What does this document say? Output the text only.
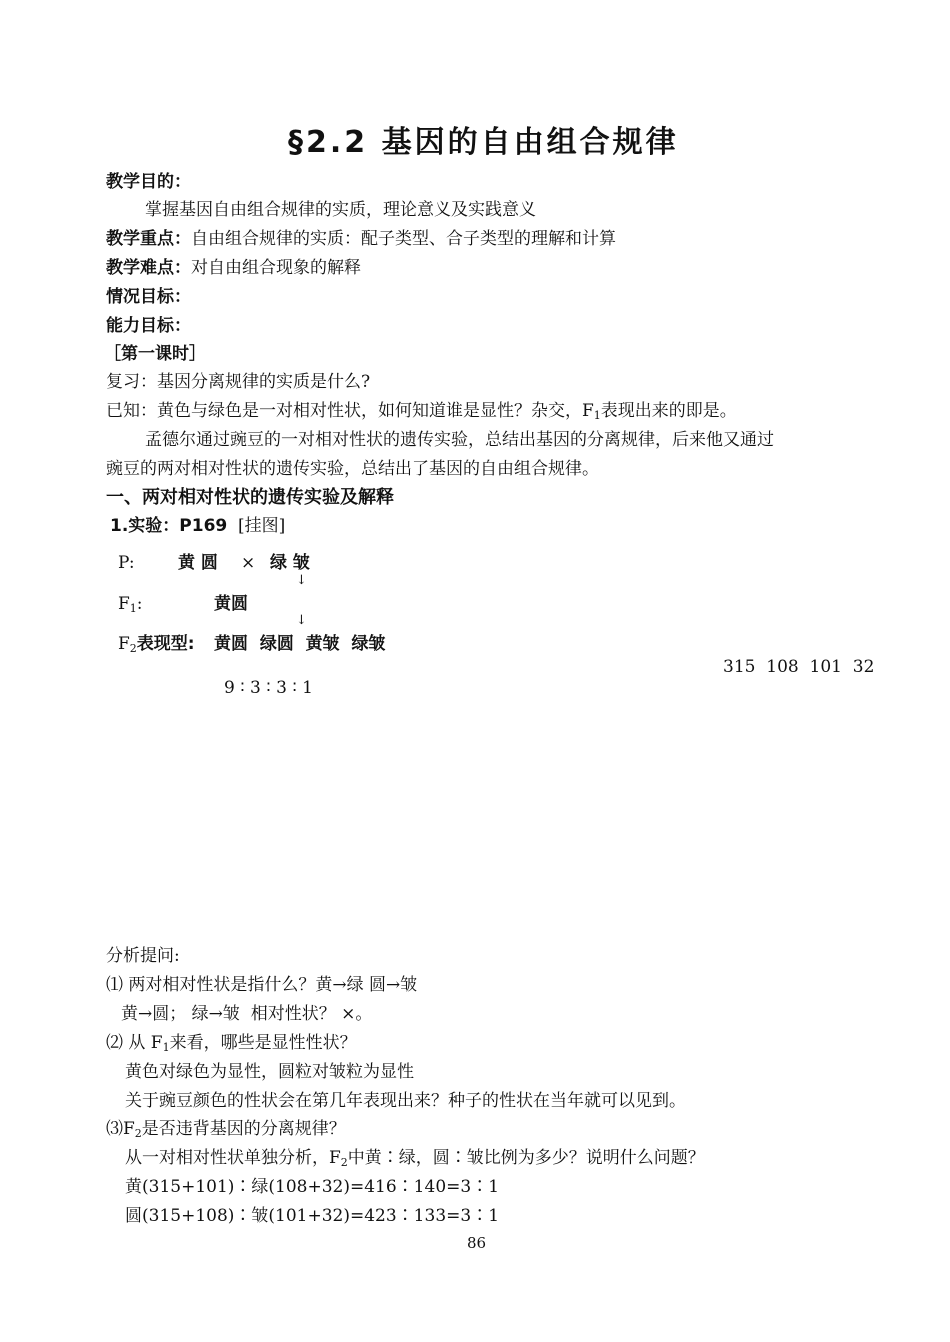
§2.2 基因的自由组合规律
教学目的：
掌握基因自由组合规律的实质，理论意义及实践意义
教学重点：自由组合规律的实质：配子类型、合子类型的理解和计算
教学难点：对自由组合现象的解释
情况目标：
能力目标：
［第一课时］
复习：基因分离规律的实质是什么?
已知：黄色与绿色是一对相对性状，如何知道谁是显性？杂交，$F_1$表现出来的即是。
孟德尔通过豌豆的一对相对性状的遗传实验，总结出基因的分离规律，后来他又通过
豌豆的两对相对性状的遗传实验，总结出了基因的自由组合规律。
一、两对相对性状的遗传实验及解释
1.实验：P169 [挂图]
P:	黄 圆 × 绿 皱
↓
$F_1$:	黄圆
↓
$F_2$表现型: 黄圆  绿圆  黄皱  绿皱
315  108  101  32
9 ∶ 3 ∶ 3 ∶ 1
分析提问:
⑴ 两对相对性状是指什么？黄→绿 圆→皱
黄→圆； 绿→皱  相对性状？ ×。
⑵ 从 $F_1$来看，哪些是显性性状？
黄色对绿色为显性，圆粒对皱粒为显性
关于豌豆颜色的性状会在第几年表现出来？种子的性状在当年就可以见到。
$⑶F_2$是否违背基因的分离规律？
从一对相对性状单独分析，$F_2$中黄∶绿，圆∶皱比例为多少？说明什么问题？
黄(315+101)∶绿(108+32)=416∶140=3∶1
圆(315+108)∶皱(101+32)=423∶133=3∶1
86
